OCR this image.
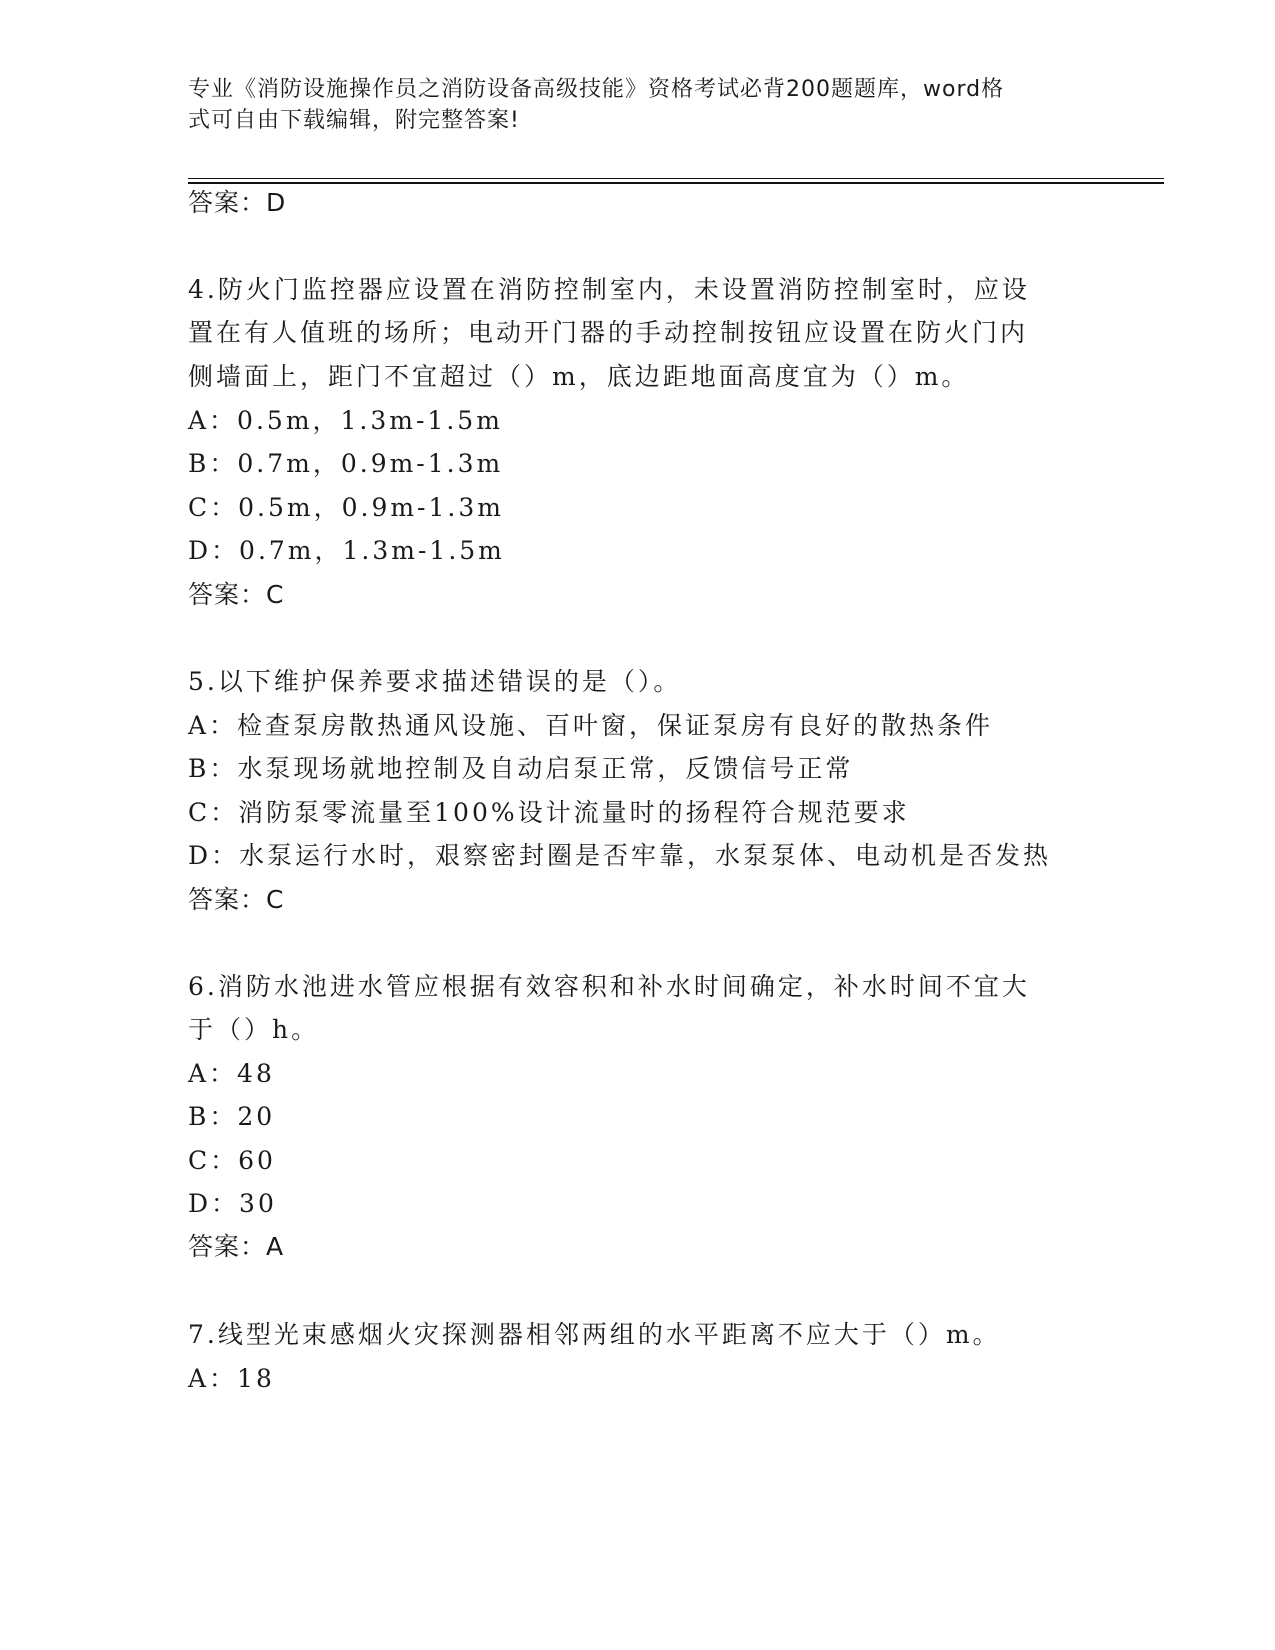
专业《消防设施操作员之消防设备高级技能》资格考试必背200题题库，word格
式可自由下载编辑，附完整答案!
答案：D
4.防火门监控器应设置在消防控制室内，未设置消防控制室时，应设
置在有人值班的场所；电动开门器的手动控制按钮应设置在防火门内
侧墙面上，距门不宜超过（）m，底边距地面高度宜为（）m。
A：0.5m，1.3m-1.5m
B：0.7m，0.9m-1.3m
C：0.5m，0.9m-1.3m
D：0.7m，1.3m-1.5m
答案：C
5.以下维护保养要求描述错误的是（）。
A：检查泵房散热通风设施、百叶窗，保证泵房有良好的散热条件
B：水泵现场就地控制及自动启泵正常，反馈信号正常
C：消防泵零流量至100%设计流量时的扬程符合规范要求
D：水泵运行水时，艰察密封圈是否牢靠，水泵泵体、电动机是否发热
答案：C
6.消防水池进水管应根据有效容积和补水时间确定，补水时间不宜大
于（）h。
A：48
B：20
C：60
D：30
答案：A
7.线型光束感烟火灾探测器相邻两组的水平距离不应大于（）m。
A：18
